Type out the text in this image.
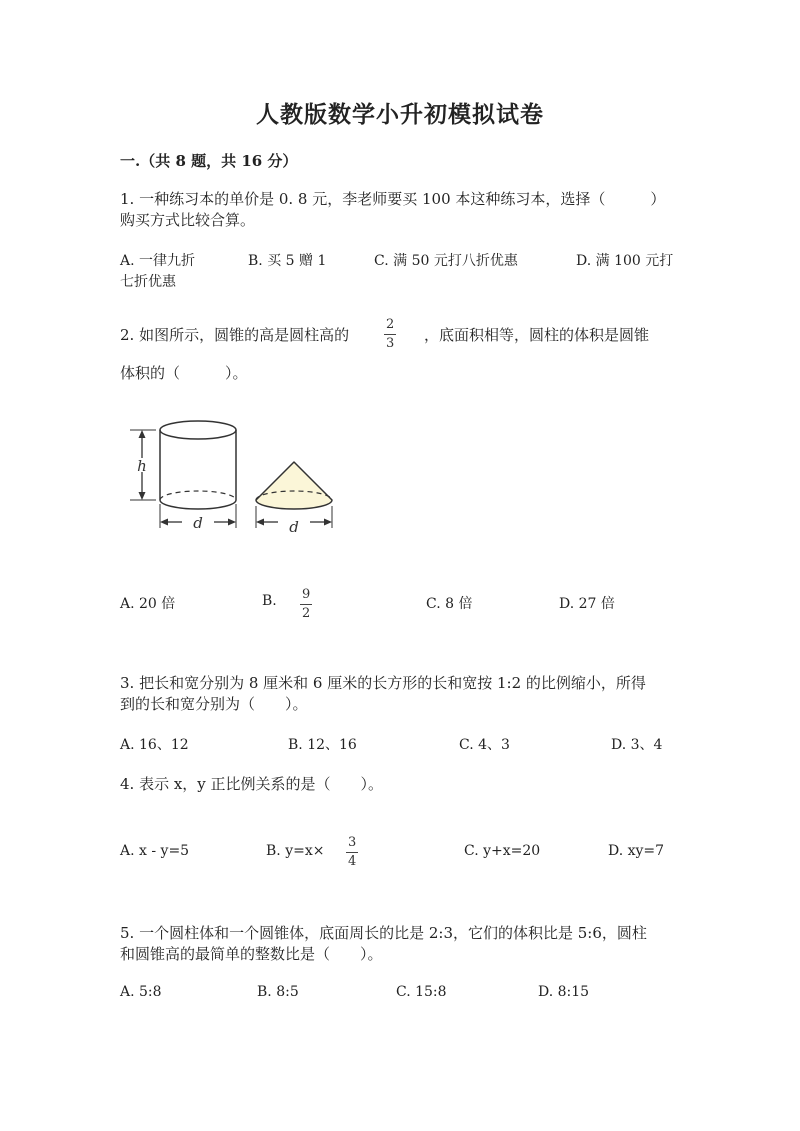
人教版数学小升初模拟试卷
一.（共 8 题，共 16 分）
1. 一种练习本的单价是 0. 8 元，李老师要买 100 本这种练习本，选择（　　　）
购买方式比较合算。
A. 一律九折	B. 买 5 赠 1	C. 满 50 元打八折优惠	D. 满 100 元打
七折优惠
2. 如图所示，圆锥的高是圆柱高的
2
3 ，底面积相等，圆柱的体积是圆锥
体积的（　　　）。
h
d	d
A. 20 倍	B. 9
2
C. 8 倍	D. 27 倍
3. 把长和宽分别为 8 厘米和 6 厘米的长方形的长和宽按 1:2 的比例缩小，所得
到的长和宽分别为（　　）。
A. 16、12	B. 12、16	C. 4、3	D. 3、4
4. 表示 x，y 正比例关系的是（　　）。
A. x - y=5	B. y=x×
3
4
C. y+x=20	D. xy=7
5. 一个圆柱体和一个圆锥体，底面周长的比是 2:3，它们的体积比是 5:6，圆柱
和圆锥高的最简单的整数比是（　　）。
A. 5:8	B. 8:5	C. 15:8	D. 8:15
